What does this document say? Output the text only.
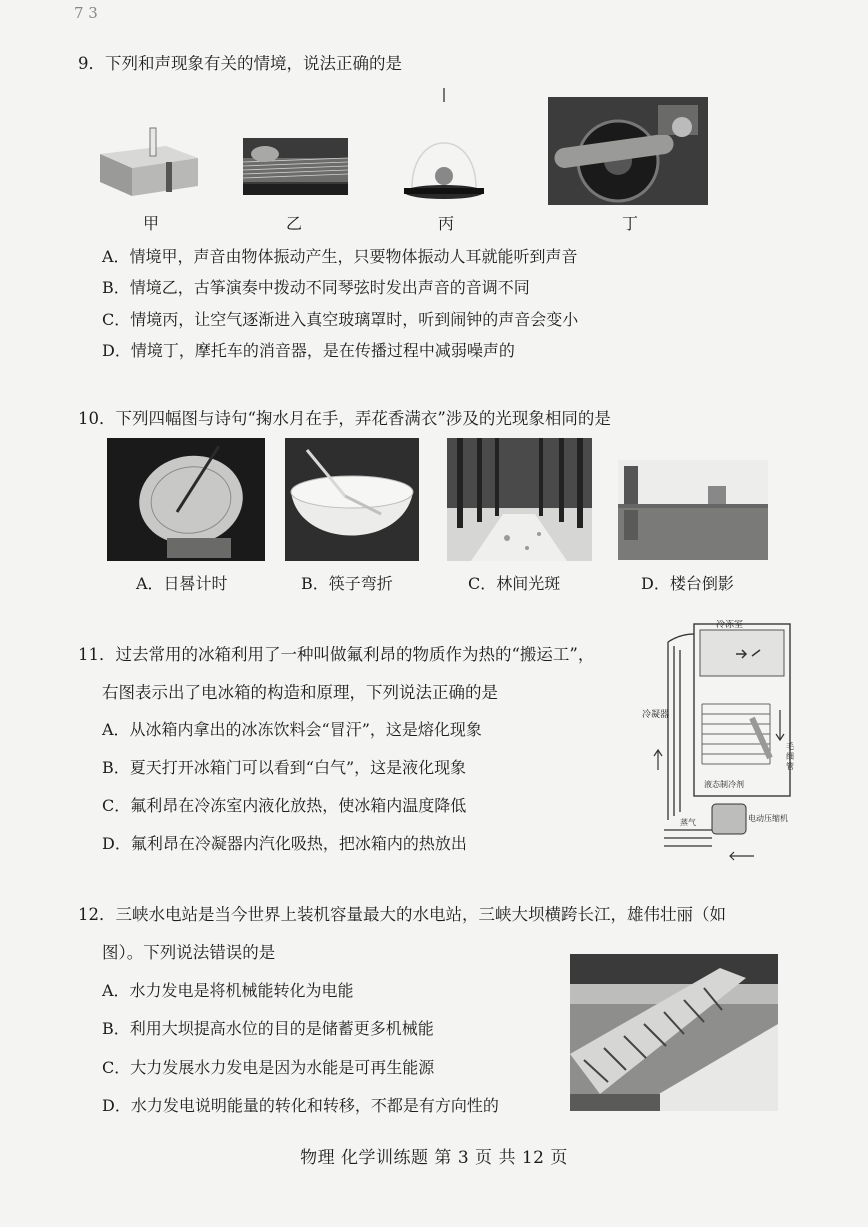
7 3
9．下列和声现象有关的情境，说法正确的是
甲	乙	丙	丁
A．情境甲，声音由物体振动产生，只要物体振动人耳就能听到声音
B．情境乙，古筝演奏中拨动不同琴弦时发出声音的音调不同
C．情境丙，让空气逐渐进入真空玻璃罩时，听到闹钟的声音会变小
D．情境丁，摩托车的消音器，是在传播过程中减弱噪声的
10．下列四幅图与诗句“掬水月在手，弄花香满衣”涉及的光现象相同的是
A．日晷计时	B．筷子弯折	C．林间光斑	D．楼台倒影
11．过去常用的冰箱利用了一种叫做氟利昂的物质作为热的“搬运工”，
右图表示出了电冰箱的构造和原理，下列说法正确的是
A．从冰箱内拿出的冰冻饮料会“冒汗”，这是熔化现象
B．夏天打开冰箱门可以看到“白气”，这是液化现象
C．氟利昂在冷冻室内液化放热，使冰箱内温度降低
D．氟利昂在冷凝器内汽化吸热，把冰箱内的热放出
冷冻室
冷凝器
液态制冷剂
电动压缩机
蒸气
毛细管
12．三峡水电站是当今世界上装机容量最大的水电站，三峡大坝横跨长江，雄伟壮丽（如
图）。下列说法错误的是
A．水力发电是将机械能转化为电能
B．利用大坝提高水位的目的是储蓄更多机械能
C．大力发展水力发电是因为水能是可再生能源
D．水力发电说明能量的转化和转移，不都是有方向性的
物理 化学训练题 第 3 页 共 12 页
